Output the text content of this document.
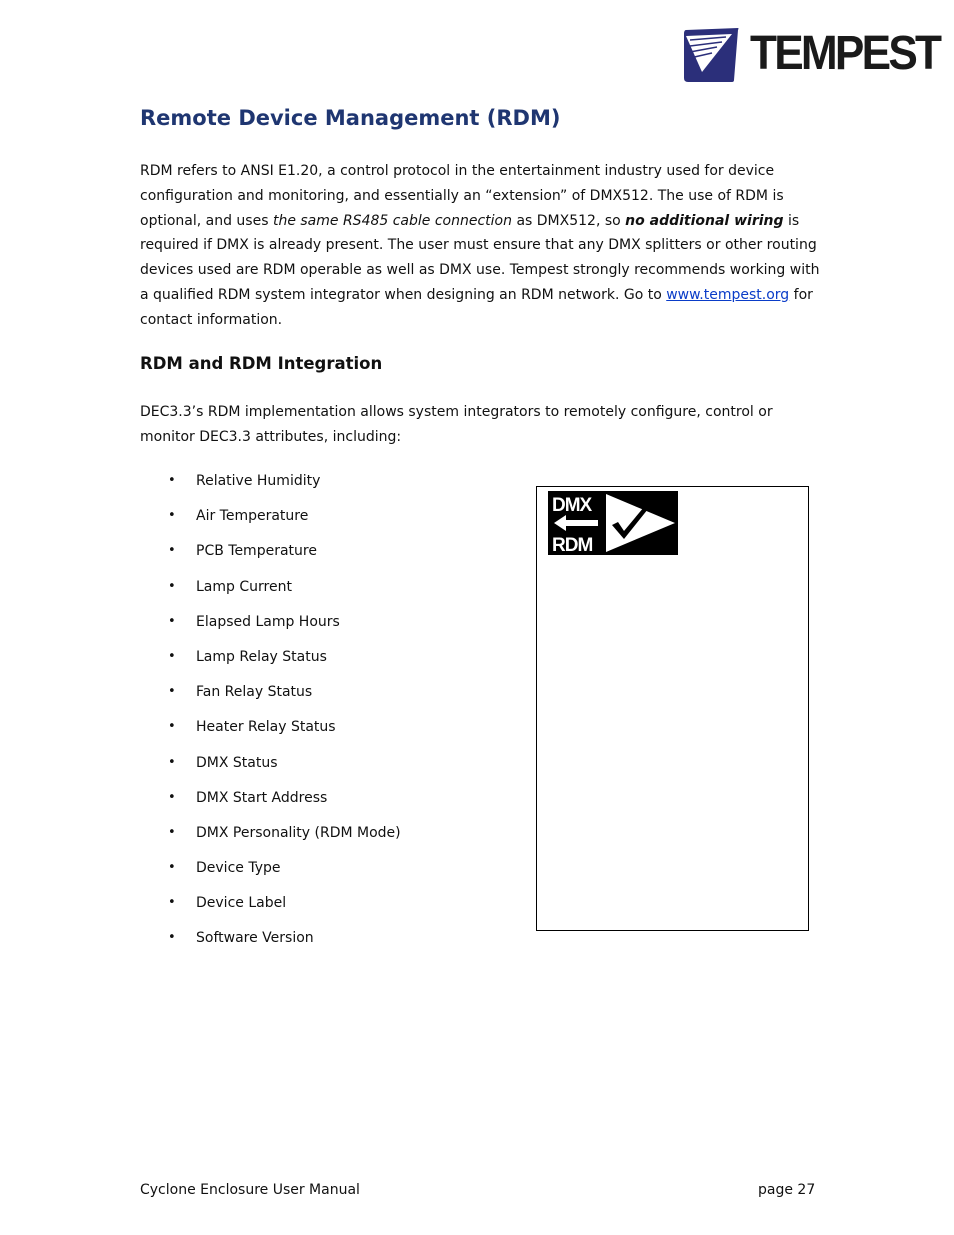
TEMPEST
Remote Device Management (RDM)

RDM refers to ANSI E1.20, a control protocol in the entertainment industry used for device configuration and monitoring, and essentially an “extension” of DMX512. The use of RDM is optional, and uses the same RS485 cable connection as DMX512, so no additional wiring is required if DMX is already present. The user must ensure that any DMX splitters or other routing devices used are RDM operable as well as DMX use. Tempest strongly recommends working with a qualified RDM system integrator when designing an RDM network. Go to www.tempest.org for contact information.

RDM and RDM Integration

DEC3.3’s RDM implementation allows system integrators to remotely configure, control or monitor DEC3.3 attributes, including:

• Relative Humidity
• Air Temperature
• PCB Temperature
• Lamp Current
• Elapsed Lamp Hours
• Lamp Relay Status
• Fan Relay Status
• Heater Relay Status
• DMX Status
• DMX Start Address
• DMX Personality (RDM Mode)
• Device Type
• Device Label
• Software Version
DMX
RDM
Cyclone Enclosure User Manual	page 27
